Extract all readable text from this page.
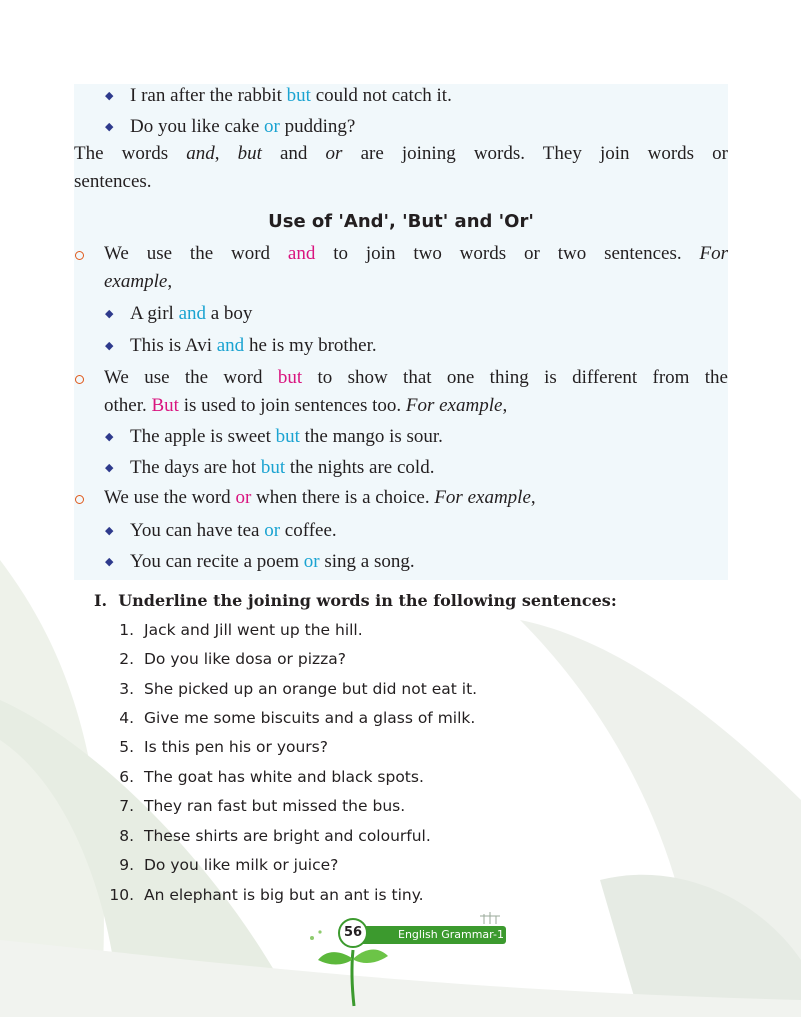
◆ I ran after the rabbit but could not catch it.
◆ Do you like cake or pudding?
The words and, but and or are joining words. They join words or
sentences.
Use of 'And', 'But' and 'Or'
We use the word and to join two words or two sentences. For
example,
◆ A girl and a boy
◆ This is Avi and he is my brother.
We use the word but to show that one thing is different from the
other. But is used to join sentences too. For example,
◆ The apple is sweet but the mango is sour.
◆ The days are hot but the nights are cold.
We use the word or when there is a choice. For example,
◆ You can have tea or coffee.
◆ You can recite a poem or sing a song.
I. Underline the joining words in the following sentences:
1. Jack and Jill went up the hill.
2. Do you like dosa or pizza?
3. She picked up an orange but did not eat it.
4. Give me some biscuits and a glass of milk.
5. Is this pen his or yours?
6. The goat has white and black spots.
7. They ran fast but missed the bus.
8. These shirts are bright and colourful.
9. Do you like milk or juice?
10. An elephant is big but an ant is tiny.
English Grammar-1
56
